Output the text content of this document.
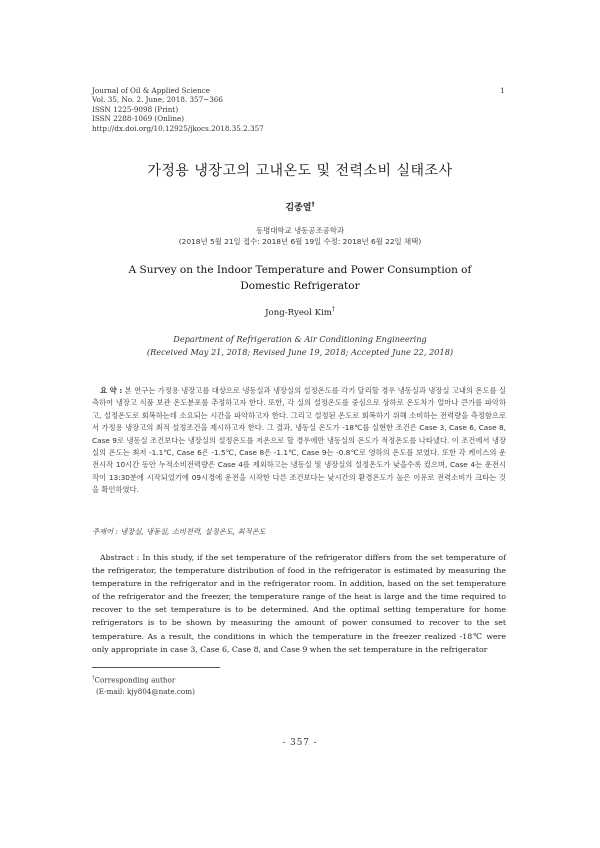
Journal of Oil & Applied Science
Vol. 35, No. 2. June, 2018. 357~366
ISSN 1225-9098 (Print)
ISSN 2288-1069 (Online)
http://dx.doi.org/10.12925/jkocs.2018.35.2.357
1
가정용 냉장고의 고내온도 및 전력소비 실태조사
김종열†
동명대학교 냉동공조공학과
(2018년 5월 21일 접수: 2018년 6월 19일 수정: 2018년 6월 22일 채택)
A Survey on the Indoor Temperature and Power Consumption of
Domestic Refrigerator
Jong-Ryeol Kim†
Department of Refrigeration & Air Conditioning Engineering
(Received May 21, 2018; Revised June 19, 2018; Accepted June 22, 2018)
요 약 : 본 연구는 가정용 냉장고를 대상으로 냉동실과 냉장실의 설정온도를 각기 달리할 경우 냉동실과 냉장실 고내의 온도를 실측하여 냉장고 식품 보관 온도분포를 추정하고자 한다. 또한, 각 실의 설정온도를 중심으로 상하로 온도차가 얼마나 큰가를 파악하고, 설정온도로 회복하는데 소요되는 시간을 파악하고자 한다. 그리고 설정된 온도로 회복하기 위해 소비하는 전력량을 측정함으로서 가정용 냉장고의 최적 설정조건을 제시하고자 한다. 그 결과, 냉동실 온도가 -18℃를 실현한 조건은 Case 3, Case 6, Case 8, Case 9로 냉동실 조건보다는 냉장실의 설정온도를 저온으로 할 경우에만 냉동실의 온도가 적정온도를 나타냈다. 이 조건에서 냉장실의 온도는 최저 -1.1℃, Case 6은 -1.5℃, Case 8은 -1.1℃, Case 9는 -0.8℃로 영하의 온도를 보였다. 또한 각 케이스의 운전시작 10시간 동안 누적소비전력량은 Case 4를 제외하고는 냉동실 및 냉장실의 설정온도가 낮을수록 컸으며, Case 4는 운전시작이 13:30분에 시작되었기에 09시경에 운전을 시작한 다른 조건보다는 낮시간의 환경온도가 높은 이유로 전력소비가 크타는 것을 확인하였다.
주제어 : 냉장실, 냉동실, 소비전력, 설정온도, 최적온도
Abstract : In this study, if the set temperature of the refrigerator differs from the set temperature of the refrigerator, the temperature distribution of food in the refrigerator is estimated by measuring the temperature in the refrigerator and in the refrigerator room. In addition, based on the set temperature of the refrigerator and the freezer, the temperature range of the heat is large and the time required to recover to the set temperature is to be determined. And the optimal setting temperature for home refrigerators is to be shown by measuring the amount of power consumed to recover to the set temperature. As a result, the conditions in which the temperature in the freezer realized -18℃ were only appropriate in case 3, Case 6, Case 8, and Case 9 when the set temperature in the refrigerator
†Corresponding author
(E-mail: kjy804@nate.com)
- 357 -
